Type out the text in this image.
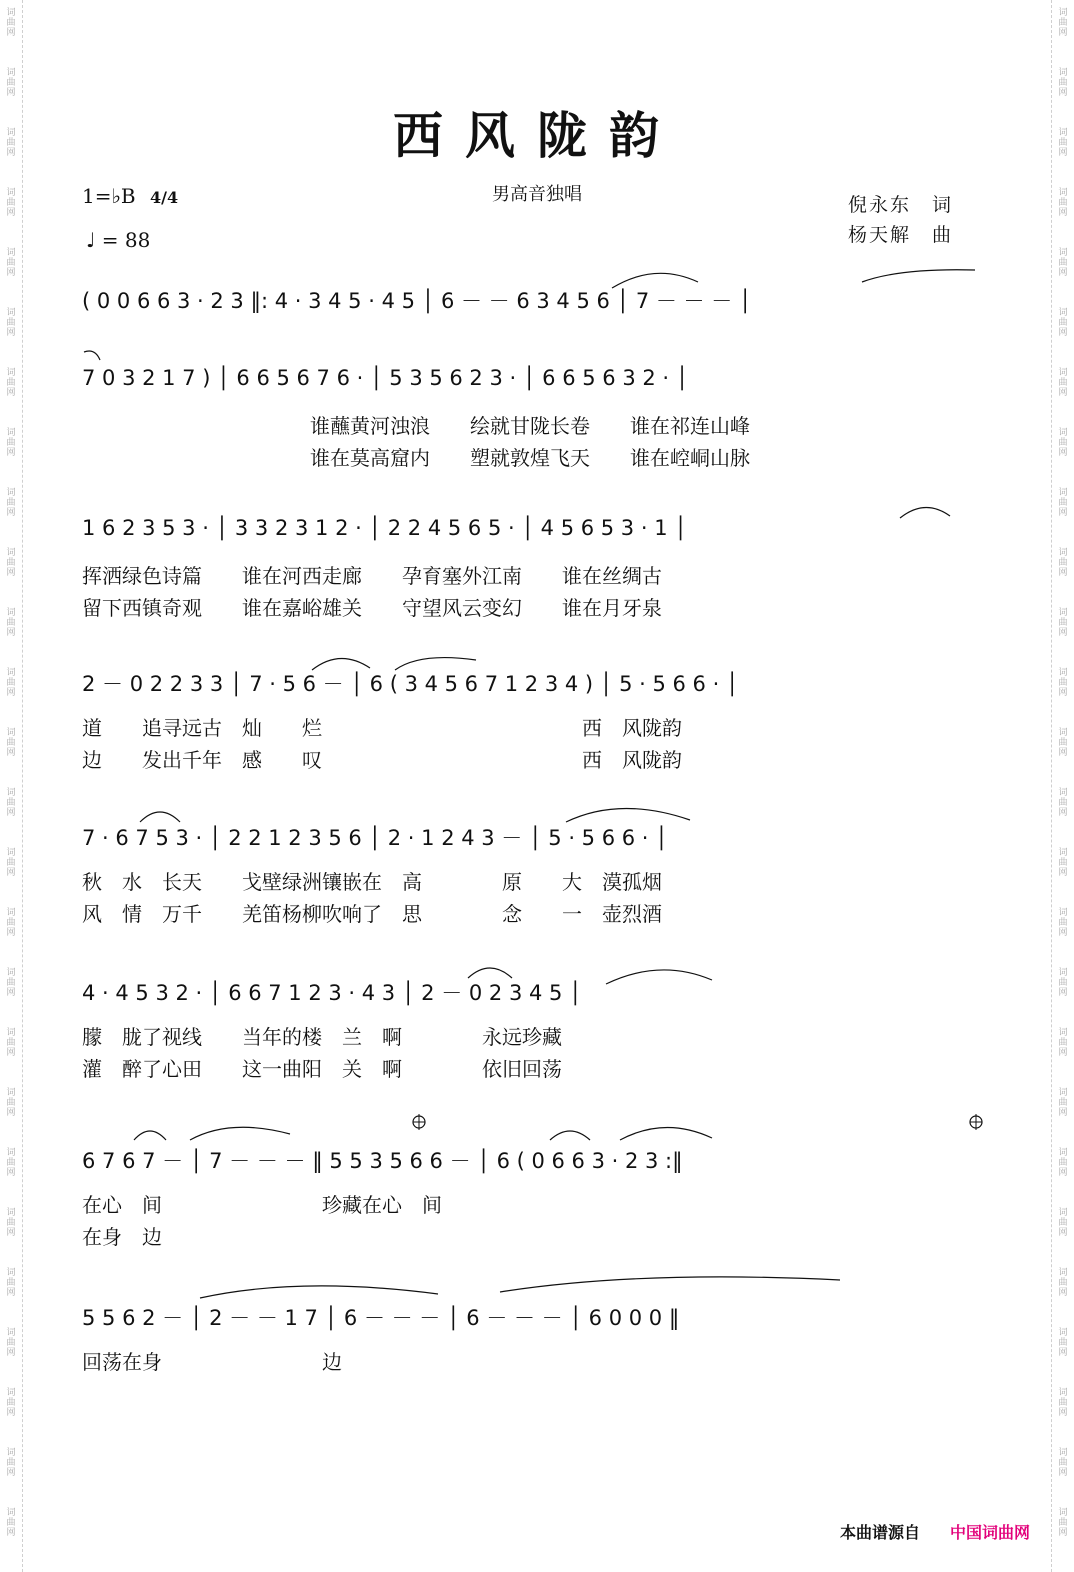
词
曲
网
词
曲
网
词
曲
网
词
曲
网
词
曲
网
词
曲
网
词
曲
网
词
曲
网
词
曲
网
词
曲
网
词
曲
网
词
曲
网
词
曲
网
词
曲
网
词
曲
网
词
曲
网
词
曲
网
词
曲
网
词
曲
网
词
曲
网
词
曲
网
词
曲
网
词
曲
网
词
曲
网
词
曲
网
词
曲
网
词
曲
网
词
曲
网
词
曲
网
词
曲
网
词
曲
网
词
曲
网
词
曲
网
词
曲
网
词
曲
网
词
曲
网
词
曲
网
词
曲
网
词
曲
网
词
曲
网
词
曲
网
词
曲
网
词
曲
网
词
曲
网
词
曲
网
词
曲
网
词
曲
网
词
曲
网
词
曲
网
词
曲
网
词
曲
网
词
曲
网
西风陇韵
男高音独唱
1=♭B 4/4
♩ = 88
倪永东　词
杨天解　曲
( 0 0 6 6 3 · 2 3 ‖: 4 · 3 4 5 · 4 5 │ 6 － － 6 3 4 5 6 │ 7 － － － │
7 0 3 2 1 7 ) │ 6 6 5 6 7 6 · │ 5 3 5 6 2 3 · │ 6 6 5 6 3 2 · │
谁蘸黄河浊浪　　绘就甘陇长卷　　谁在祁连山峰
谁在莫高窟内　　塑就敦煌飞天　　谁在崆峒山脉
1 6 2 3 5 3 · │ 3 3 2 3 1 2 · │ 2 2 4 5 6 5 · │ 4 5 6 5 3 · 1 │
挥洒绿色诗篇　　谁在河西走廊　　孕育塞外江南　　谁在丝绸古
留下西镇奇观　　谁在嘉峪雄关　　守望风云变幻　　谁在月牙泉
2 － 0 2 2 3 3 │ 7 · 5 6 － │ 6 ( 3 4 5 6 7 1 2 3 4 ) │ 5 · 5 6 6 · │
道　　追寻远古　灿　　烂　　　　　　　　　　　　　西　风陇韵
边　　发出千年　感　　叹　　　　　　　　　　　　　西　风陇韵
7 · 6 7 5 3 · │ 2 2 1 2 3 5 6 │ 2 · 1 2 4 3 － │ 5 · 5 6 6 · │
秋　水　长天　　戈壁绿洲镶嵌在　高　　　　原　　大　漠孤烟
风　情　万千　　羌笛杨柳吹响了　思　　　　念　　一　壶烈酒
4 · 4 5 3 2 · │ 6 6 7 1 2 3 · 4 3 │ 2 － 0 2 3 4 5 │
朦　胧了视线　　当年的楼　兰　啊　　　　永远珍藏
灌　醉了心田　　这一曲阳　关　啊　　　　依旧回荡
6 7 6 7 － │ 7 － － － ‖ 5 5 3 5 6 6 － │ 6 ( 0 6 6 3 · 2 3 :‖
在心　间　　　　　　　　珍藏在心　间
在身　边
5 5 6 2 － │ 2 － － 1 7 │ 6 － － － │ 6 － － － │ 6 0 0 0 ‖
回荡在身　　　　　　　　边
本曲谱源自 中国词曲网
